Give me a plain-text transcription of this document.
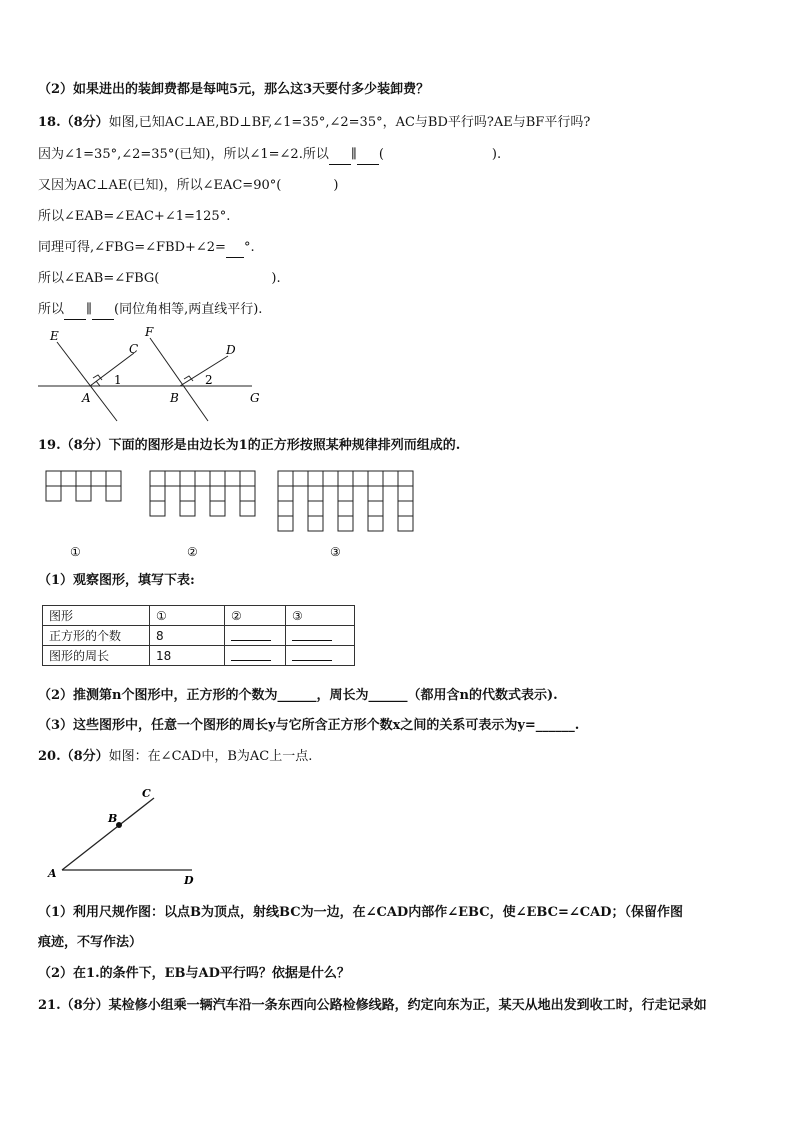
（2）如果进出的装卸费都是每吨5元，那么这3天要付多少装卸费？
18.（8分）如图,已知AC⊥AE,BD⊥BF,∠1=35°,∠2=35°，AC与BD平行吗?AE与BF平行吗?
因为∠1=35°,∠2=35°(已知)，所以∠1=∠2.所以 ∥ (	).
又因为AC⊥AE(已知)，所以∠EAC=90°(	)
所以∠EAB=∠EAC+∠1=125°.
同理可得,∠FBG=∠FBD+∠2= °.
所以∠EAB=∠FBG(	).
所以 ∥ (同位角相等,两直线平行).
E
C
F
D
A	B	G
1	2
19.（8分）下面的图形是由边长为1的正方形按照某种规律排列而组成的.
①	②	③
（1）观察图形，填写下表:
图形	①	②	③
正方形的个数	8		
图形的周长	18		
（2）推测第n个图形中，正方形的个数为______，周长为______（都用含n的代数式表示).
（3）这些图形中，任意一个图形的周长y与它所含正方形个数x之间的关系可表示为y=______.
20.（8分）如图：在∠CAD中，B为AC上一点.
A
B
C
D
（1）利用尺规作图：以点B为顶点，射线BC为一边，在∠CAD内部作∠EBC，使∠EBC=∠CAD；（保留作图
痕迹，不写作法）
（2）在1.的条件下，EB与AD平行吗？依据是什么？
21.（8分）某检修小组乘一辆汽车沿一条东西向公路检修线路，约定向东为正，某天从地出发到收工时，行走记录如
